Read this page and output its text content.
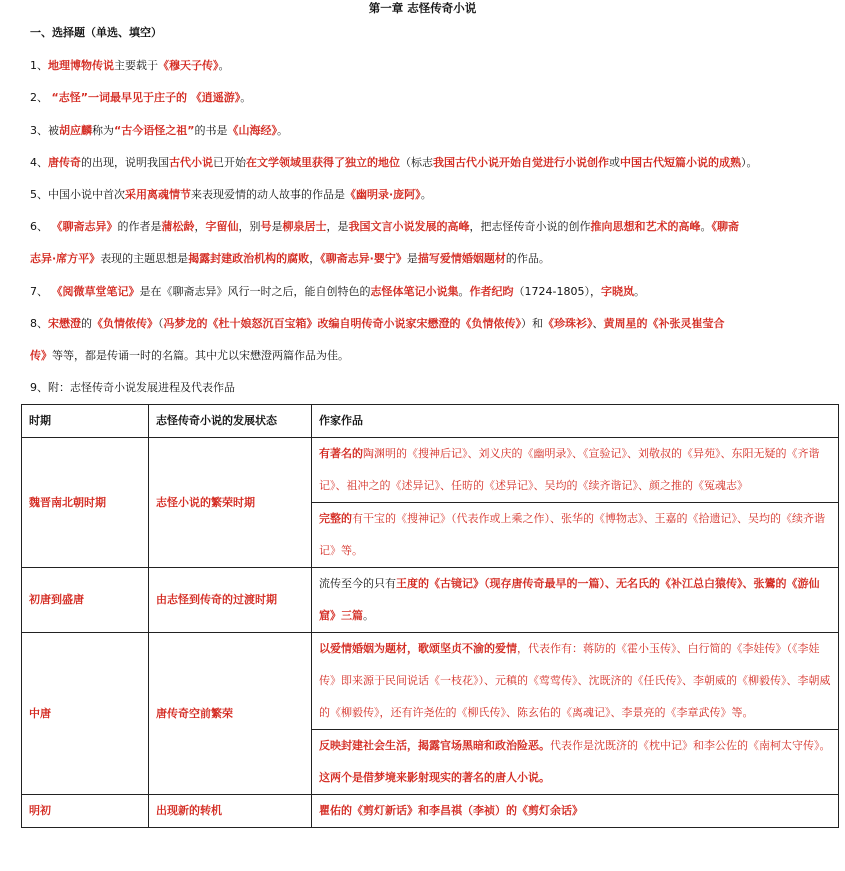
第一章 志怪传奇小说
一、选择题（单选、填空）
1、地理博物传说主要载于《穆天子传》。
2、 “志怪”一词最早见于庄子的 《逍遥游》。
3、被胡应麟称为“古今语怪之祖”的书是《山海经》。
4、唐传奇的出现，说明我国古代小说已开始在文学领域里获得了独立的地位（标志我国古代小说开始自觉进行小说创作或中国古代短篇小说的成熟）。
5、中国小说中首次采用离魂情节来表现爱情的动人故事的作品是《幽明录·庞阿》。
6、 《聊斋志异》的作者是蒲松龄，字留仙，别号是柳泉居士，是我国文言小说发展的高峰，把志怪传奇小说的创作推向思想和艺术的高峰。《聊斋
志异·席方平》表现的主题思想是揭露封建政治机构的腐败，《聊斋志异·婴宁》是描写爱情婚姻题材的作品。
7、 《阅微草堂笔记》是在《聊斋志异》风行一时之后，能自创特色的志怪体笔记小说集。作者纪昀（1724-1805），字晓岚。
8、宋懋澄的《负情侬传》（冯梦龙的《杜十娘怒沉百宝箱》改编自明传奇小说家宋懋澄的《负情侬传》）和《珍珠衫》、黄周星的《补张灵崔莹合
传》等等，都是传诵一时的名篇。其中尤以宋懋澄两篇作品为佳。
9、附：志怪传奇小说发展进程及代表作品
时期	志怪传奇小说的发展状态	作家作品
魏晋南北朝时期	志怪小说的繁荣时期	有著名的陶渊明的《搜神后记》、刘义庆的《幽明录》、《宣验记》、刘敬叔的《异苑》、东阳无疑的《齐谐记》、祖冲之的《述异记》、任昉的《述异记》、吴均的《续齐谐记》、颜之推的《冤魂志》
		完整的有干宝的《搜神记》（代表作或上乘之作）、张华的《博物志》、王嘉的《拾遗记》、吴均的《续齐谐记》等。
初唐到盛唐	由志怪到传奇的过渡时期	流传至今的只有王度的《古镜记》（现存唐传奇最早的一篇）、无名氏的《补江总白猿传》、张鷟的《游仙窟》三篇。
中唐	唐传奇空前繁荣	以爱情婚姻为题材，歌颂坚贞不渝的爱情，代表作有：蒋防的《霍小玉传》、白行简的《李娃传》（《李娃传》即来源于民间说话《一枝花》）、元稹的《莺莺传》、沈既济的《任氏传》、李朝威的《柳毅传》、李朝威的《柳毅传》，还有许尧佐的《柳氏传》、陈玄佑的《离魂记》、李景亮的《李章武传》等。
		反映封建社会生活，揭露官场黑暗和政治险恶。代表作是沈既济的《枕中记》和李公佐的《南柯太守传》。这两个是借梦境来影射现实的著名的唐人小说。
明初	出现新的转机	瞿佑的《剪灯新话》和李昌祺（李祯）的《剪灯余话》
